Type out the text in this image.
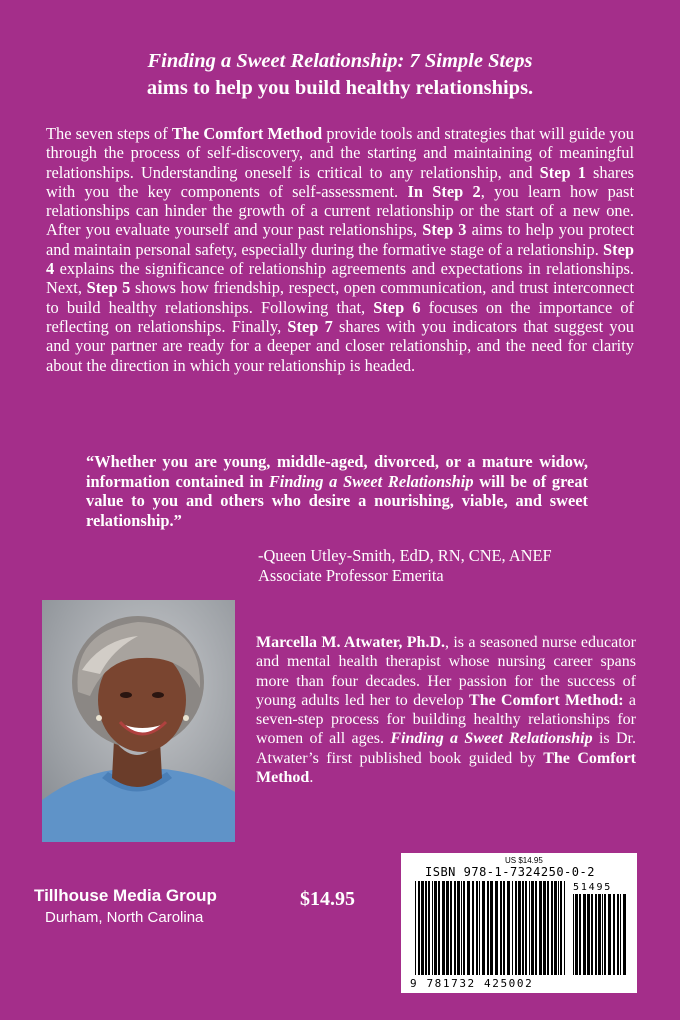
Finding a Sweet Relationship: 7 Simple Steps
aims to help you build healthy relationships.
The seven steps of The Comfort Method provide tools and strategies that will guide you through the process of self-discovery, and the starting and maintaining of meaningful relationships. Understanding oneself is critical to any relationship, and Step 1 shares with you the key components of self-assessment. In Step 2, you learn how past relationships can hinder the growth of a current relationship or the start of a new one. After you evaluate yourself and your past relationships, Step 3 aims to help you protect and maintain personal safety, especially during the formative stage of a relationship. Step 4 explains the significance of relationship agreements and expectations in relationships. Next, Step 5 shows how friendship, respect, open communication, and trust interconnect to build healthy relationships. Following that, Step 6 focuses on the importance of reflecting on relationships. Finally, Step 7 shares with you indicators that suggest you and your partner are ready for a deeper and closer relationship, and the need for clarity about the direction in which your relationship is headed.
“Whether you are young, middle-aged, divorced, or a mature widow, information contained in Finding a Sweet Relationship will be of great value to you and others who desire a nourishing, viable, and sweet relationship.”
-Queen Utley-Smith, EdD, RN, CNE, ANEF
Associate Professor Emerita
Marcella M. Atwater, Ph.D., is a seasoned nurse educator and mental health therapist whose nursing career spans more than four decades. Her passion for the success of young adults led her to develop The Comfort Method: a seven-step process for building healthy relationships for women of all ages. Finding a Sweet Relationship is Dr. Atwater’s first published book guided by The Comfort Method.
Tillhouse Media Group
Durham, North Carolina
$14.95
US $14.95
ISBN 978-1-7324250-0-2
51495
9 781732 425002
